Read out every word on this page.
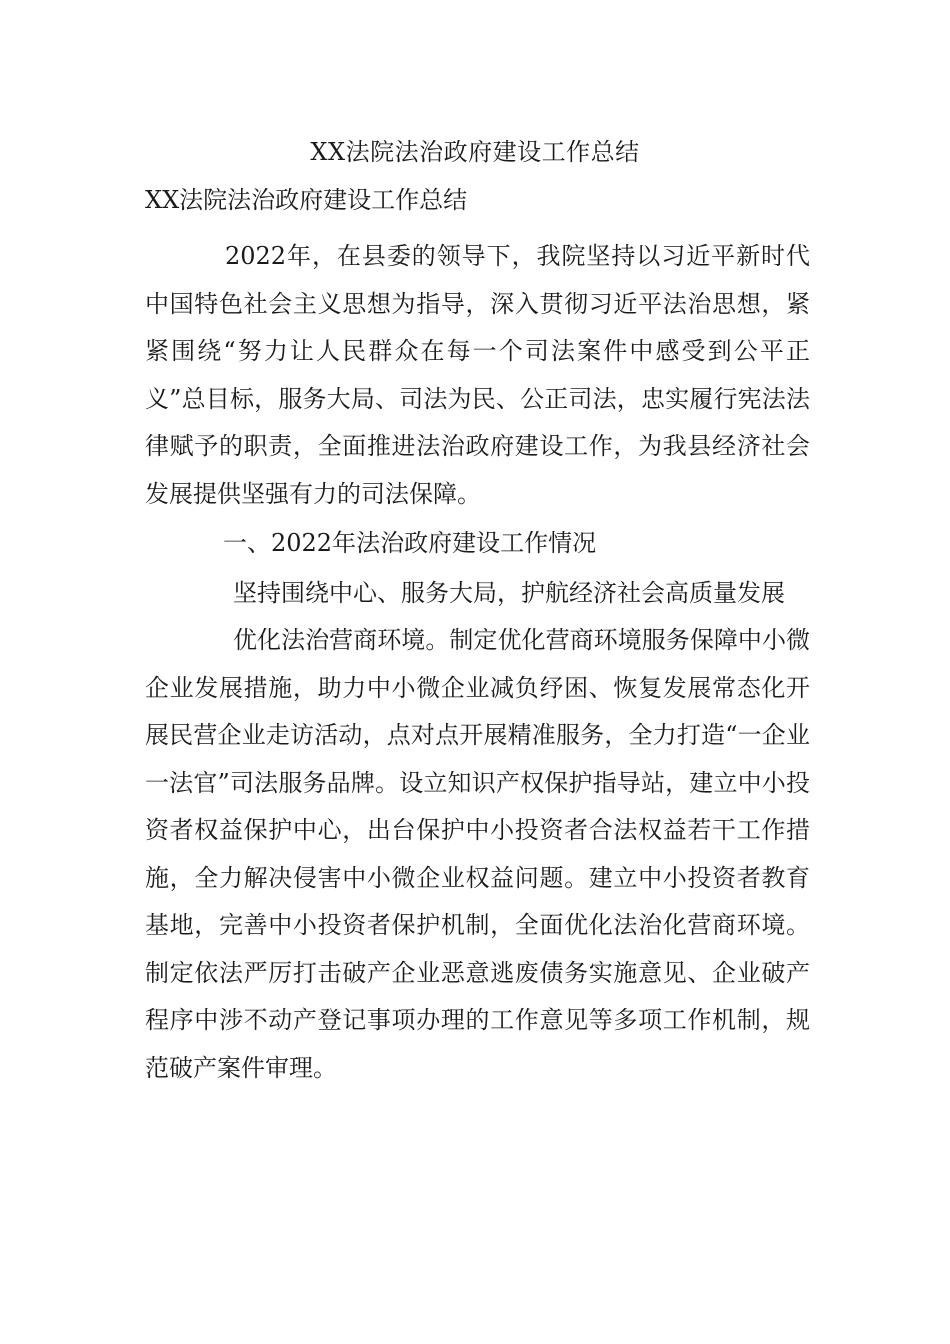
XX法院法治政府建设工作总结

XX法院法治政府建设工作总结

2022年，在县委的领导下，我院坚持以习近平新时代中国特色社会主义思想为指导，深入贯彻习近平法治思想，紧紧围绕“努力让人民群众在每一个司法案件中感受到公平正义”总目标，服务大局、司法为民、公正司法，忠实履行宪法法律赋予的职责，全面推进法治政府建设工作，为我县经济社会发展提供坚强有力的司法保障。

一、2022年法治政府建设工作情况

坚持围绕中心、服务大局，护航经济社会高质量发展

优化法治营商环境。制定优化营商环境服务保障中小微企业发展措施，助力中小微企业减负纾困、恢复发展常态化开展民营企业走访活动，点对点开展精准服务，全力打造“一企业一法官”司法服务品牌。设立知识产权保护指导站，建立中小投资者权益保护中心，出台保护中小投资者合法权益若干工作措施，全力解决侵害中小微企业权益问题。建立中小投资者教育基地，完善中小投资者保护机制，全面优化法治化营商环境。制定依法严厉打击破产企业恶意逃废债务实施意见、企业破产程序中涉不动产登记事项办理的工作意见等多项工作机制，规范破产案件审理。
